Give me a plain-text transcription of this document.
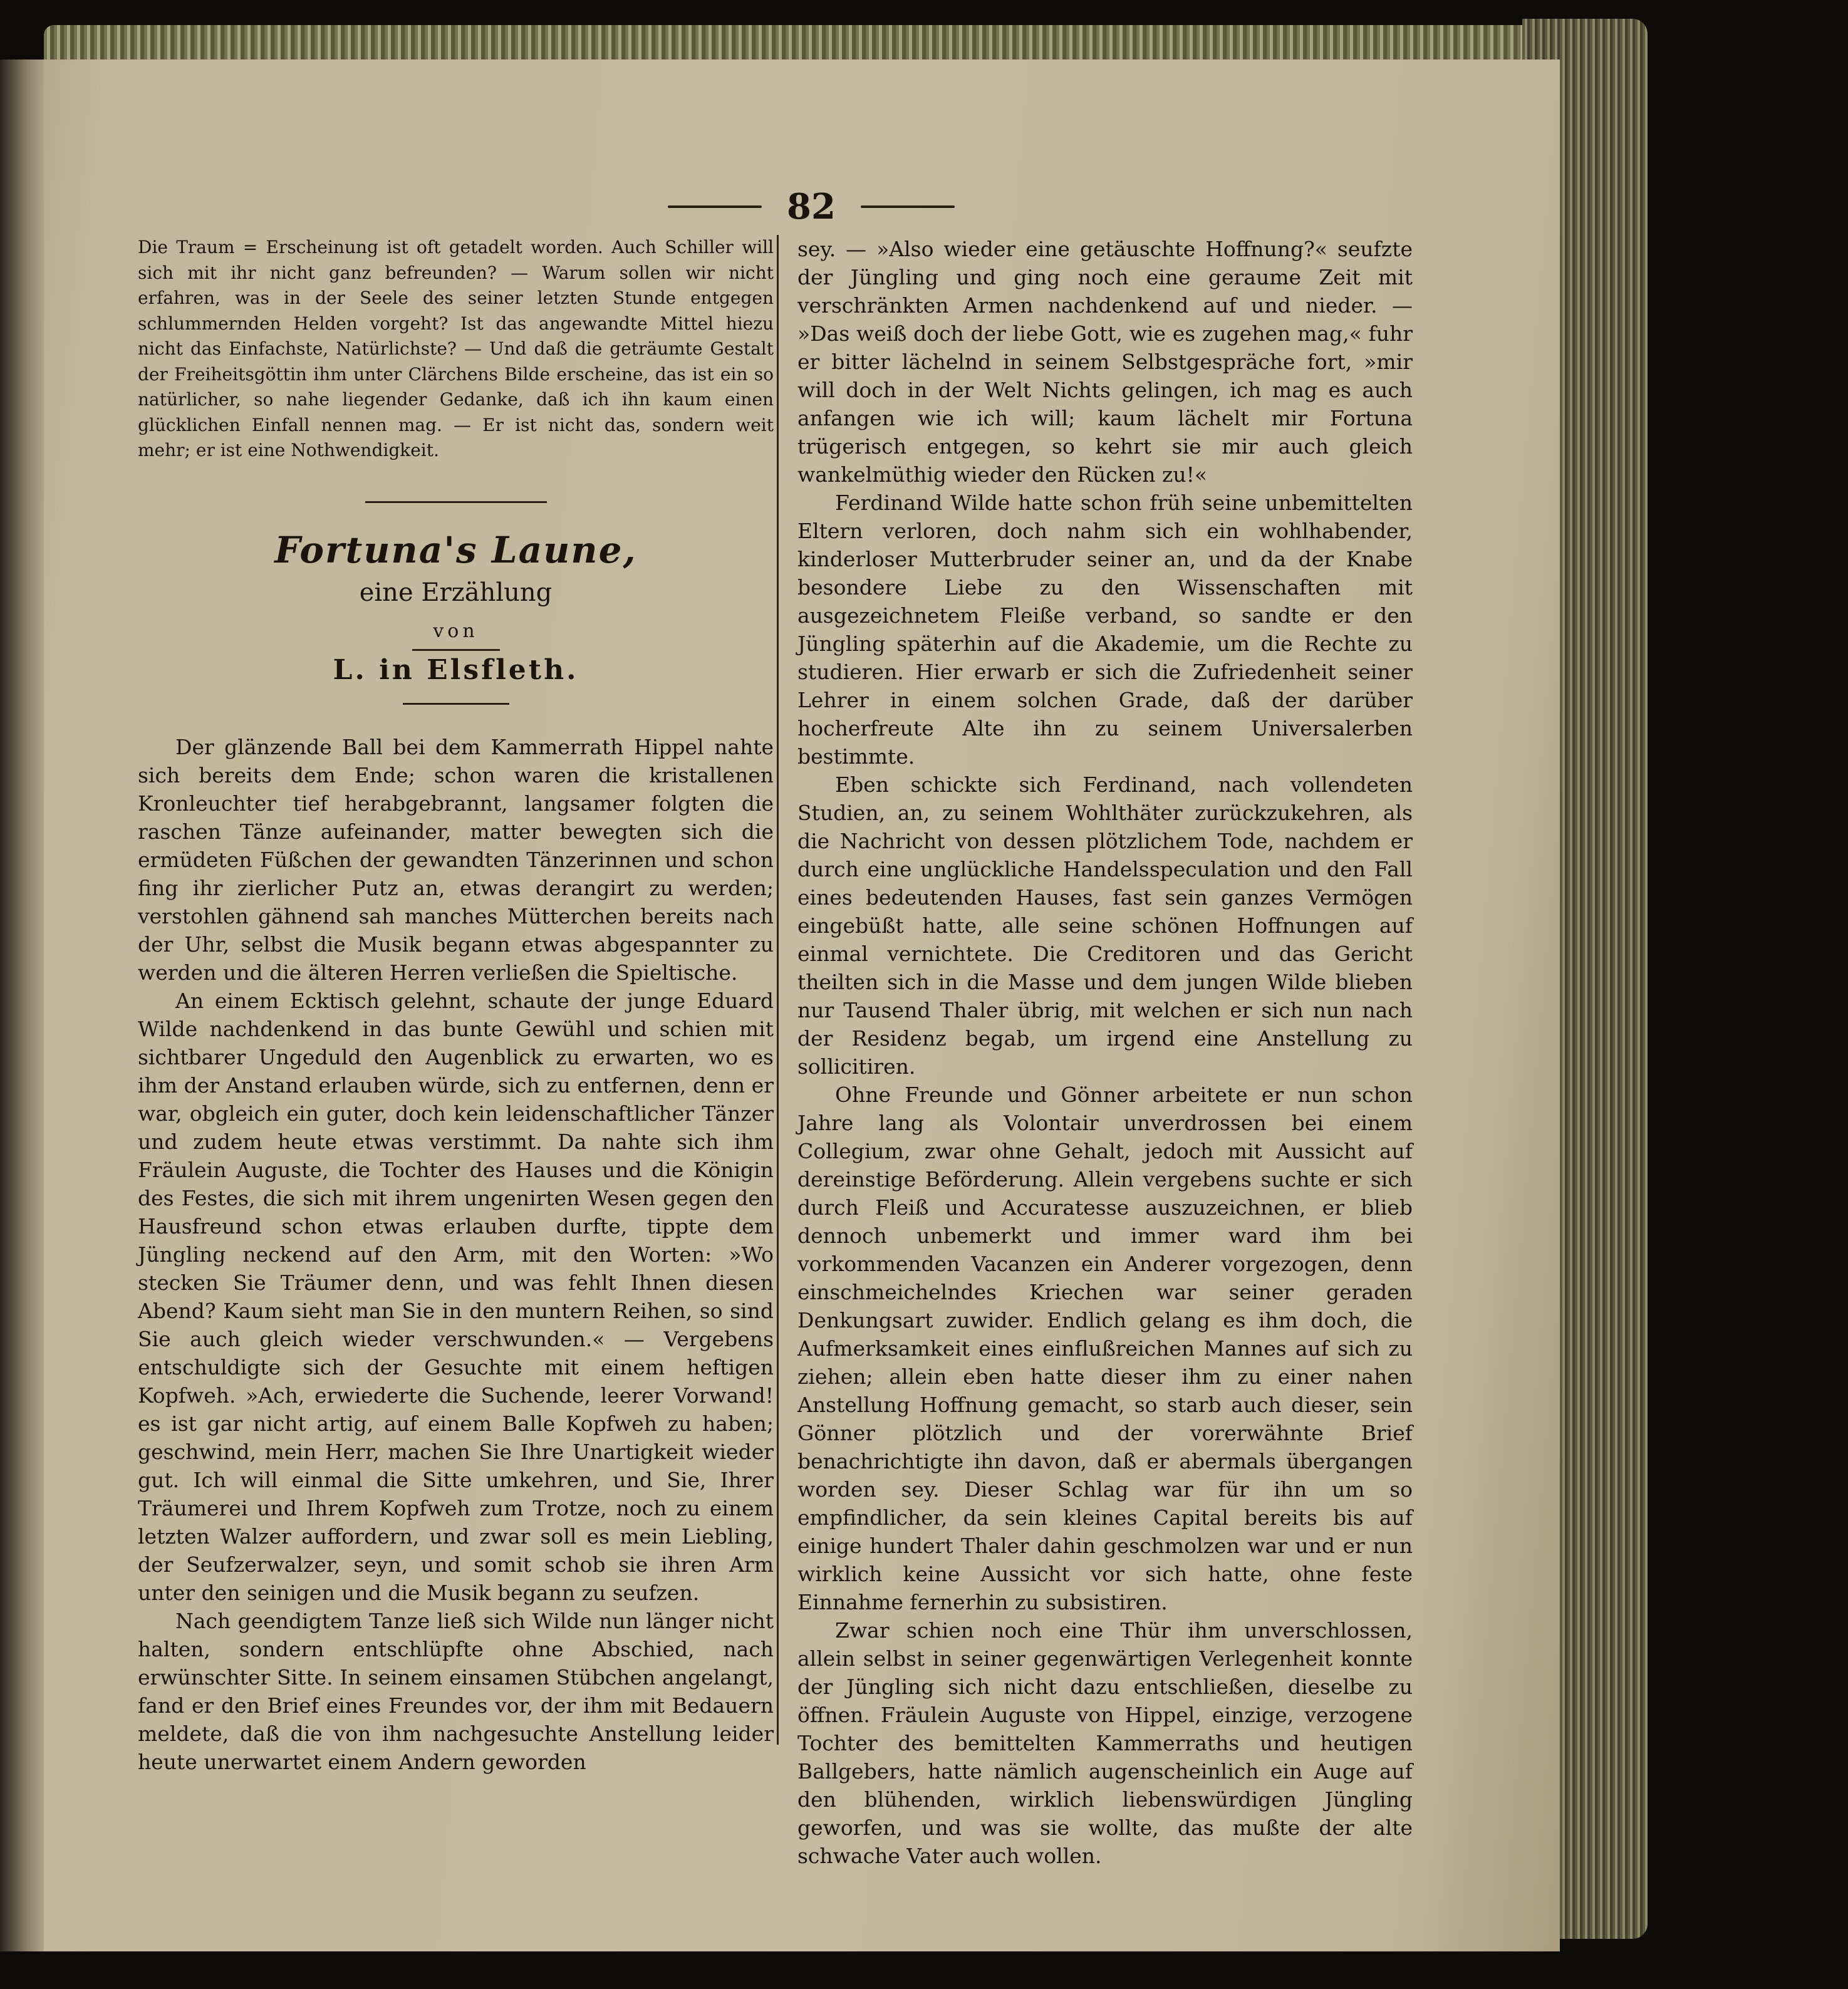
82

Die Traum = Erscheinung ist oft getadelt worden. Auch Schiller will sich mit ihr nicht ganz befreunden? — Warum sollen wir nicht erfahren, was in der Seele des seiner letzten Stunde entgegen schlummernden Helden vorgeht? Ist das angewandte Mittel hiezu nicht das Einfachste, Natürlichste? — Und daß die geträumte Gestalt der Freiheitsgöttin ihm unter Clärchens Bilde erscheine, das ist ein so natürlicher, so nahe liegender Gedanke, daß ich ihn kaum einen glücklichen Einfall nennen mag. — Er ist nicht das, sondern weit mehr; er ist eine Nothwendigkeit.

Fortuna's Laune,

eine Erzählung

von

L. in Elsfleth.

Der glänzende Ball bei dem Kammerrath Hippel nahte sich bereits dem Ende; schon waren die kristallenen Kronleuchter tief herabgebrannt, langsamer folgten die raschen Tänze aufeinander, matter bewegten sich die ermüdeten Füßchen der gewandten Tänzerinnen und schon fing ihr zierlicher Putz an, etwas derangirt zu werden; verstohlen gähnend sah manches Mütterchen bereits nach der Uhr, selbst die Musik begann etwas abgespannter zu werden und die älteren Herren verließen die Spieltische.

An einem Ecktisch gelehnt, schaute der junge Eduard Wilde nachdenkend in das bunte Gewühl und schien mit sichtbarer Ungeduld den Augenblick zu erwarten, wo es ihm der Anstand erlauben würde, sich zu entfernen, denn er war, obgleich ein guter, doch kein leidenschaftlicher Tänzer und zudem heute etwas verstimmt. Da nahte sich ihm Fräulein Auguste, die Tochter des Hauses und die Königin des Festes, die sich mit ihrem ungenirten Wesen gegen den Hausfreund schon etwas erlauben durfte, tippte dem Jüngling neckend auf den Arm, mit den Worten: »Wo stecken Sie Träumer denn, und was fehlt Ihnen diesen Abend? Kaum sieht man Sie in den muntern Reihen, so sind Sie auch gleich wieder verschwunden.« — Vergebens entschuldigte sich der Gesuchte mit einem heftigen Kopfweh. »Ach, erwiederte die Suchende, leerer Vorwand! es ist gar nicht artig, auf einem Balle Kopfweh zu haben; geschwind, mein Herr, machen Sie Ihre Unartigkeit wieder gut. Ich will einmal die Sitte umkehren, und Sie, Ihrer Träumerei und Ihrem Kopfweh zum Trotze, noch zu einem letzten Walzer auffordern, und zwar soll es mein Liebling, der Seufzerwalzer, seyn, und somit schob sie ihren Arm unter den seinigen und die Musik begann zu seufzen.

Nach geendigtem Tanze ließ sich Wilde nun länger nicht halten, sondern entschlüpfte ohne Abschied, nach erwünschter Sitte. In seinem einsamen Stübchen angelangt, fand er den Brief eines Freundes vor, der ihm mit Bedauern meldete, daß die von ihm nachgesuchte Anstellung leider heute unerwartet einem Andern geworden

sey. — »Also wieder eine getäuschte Hoffnung?« seufzte der Jüngling und ging noch eine geraume Zeit mit verschränkten Armen nachdenkend auf und nieder. — »Das weiß doch der liebe Gott, wie es zugehen mag,« fuhr er bitter lächelnd in seinem Selbstgespräche fort, »mir will doch in der Welt Nichts gelingen, ich mag es auch anfangen wie ich will; kaum lächelt mir Fortuna trügerisch entgegen, so kehrt sie mir auch gleich wankelmüthig wieder den Rücken zu!«

Ferdinand Wilde hatte schon früh seine unbemittelten Eltern verloren, doch nahm sich ein wohlhabender, kinderloser Mutterbruder seiner an, und da der Knabe besondere Liebe zu den Wissenschaften mit ausgezeichnetem Fleiße verband, so sandte er den Jüngling späterhin auf die Akademie, um die Rechte zu studieren. Hier erwarb er sich die Zufriedenheit seiner Lehrer in einem solchen Grade, daß der darüber hocherfreute Alte ihn zu seinem Universalerben bestimmte.

Eben schickte sich Ferdinand, nach vollendeten Studien, an, zu seinem Wohlthäter zurückzukehren, als die Nachricht von dessen plötzlichem Tode, nachdem er durch eine unglückliche Handelsspeculation und den Fall eines bedeutenden Hauses, fast sein ganzes Vermögen eingebüßt hatte, alle seine schönen Hoffnungen auf einmal vernichtete. Die Creditoren und das Gericht theilten sich in die Masse und dem jungen Wilde blieben nur Tausend Thaler übrig, mit welchen er sich nun nach der Residenz begab, um irgend eine Anstellung zu sollicitiren.

Ohne Freunde und Gönner arbeitete er nun schon Jahre lang als Volontair unverdrossen bei einem Collegium, zwar ohne Gehalt, jedoch mit Aussicht auf dereinstige Beförderung. Allein vergebens suchte er sich durch Fleiß und Accuratesse auszuzeichnen, er blieb dennoch unbemerkt und immer ward ihm bei vorkommenden Vacanzen ein Anderer vorgezogen, denn einschmeichelndes Kriechen war seiner geraden Denkungsart zuwider. Endlich gelang es ihm doch, die Aufmerksamkeit eines einflußreichen Mannes auf sich zu ziehen; allein eben hatte dieser ihm zu einer nahen Anstellung Hoffnung gemacht, so starb auch dieser, sein Gönner plötzlich und der vorerwähnte Brief benachrichtigte ihn davon, daß er abermals übergangen worden sey. Dieser Schlag war für ihn um so empfindlicher, da sein kleines Capital bereits bis auf einige hundert Thaler dahin geschmolzen war und er nun wirklich keine Aussicht vor sich hatte, ohne feste Einnahme fernerhin zu subsistiren.

Zwar schien noch eine Thür ihm unverschlossen, allein selbst in seiner gegenwärtigen Verlegenheit konnte der Jüngling sich nicht dazu entschließen, dieselbe zu öffnen. Fräulein Auguste von Hippel, einzige, verzogene Tochter des bemittelten Kammerraths und heutigen Ballgebers, hatte nämlich augenscheinlich ein Auge auf den blühenden, wirklich liebenswürdigen Jüngling geworfen, und was sie wollte, das mußte der alte schwache Vater auch wollen.
